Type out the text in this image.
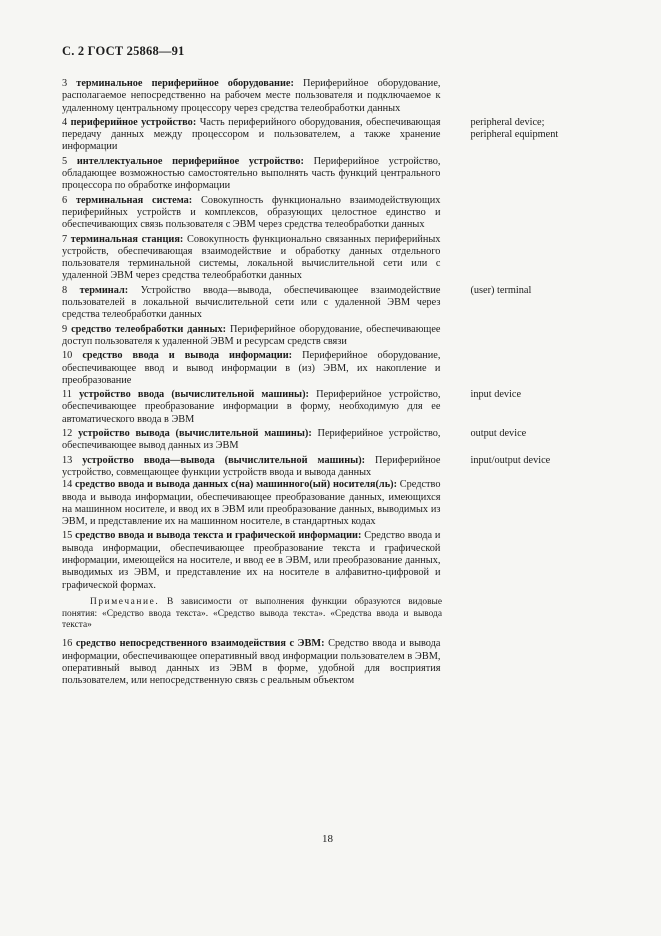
С. 2 ГОСТ 25868—91
3 терминальное периферийное оборудование: Периферийное оборудование, располагаемое непосредственно на рабочем месте пользователя и подключаемое к удаленному центральному процессору через средства телеобработки данных
4 периферийное устройство: Часть периферийного оборудования, обеспечивающая передачу данных между процессором и пользователем, а также хранение информации
peripheral device; peripheral equipment
5 интеллектуальное периферийное устройство: Периферийное устройство, обладающее возможностью самостоятельно выполнять часть функций центрального процессора по обработке информации
6 терминальная система: Совокупность функционально взаимодействующих периферийных устройств и комплексов, образующих целостное единство и обеспечивающих связь пользователя с ЭВМ через средства телеобработки данных
7 терминальная станция: Совокупность функционально связанных периферийных устройств, обеспечивающая взаимодействие и обработку данных отдельного пользователя терминальной системы, локальной вычислительной сети или с удаленной ЭВМ через средства телеобработки данных
8 терминал: Устройство ввода—вывода, обеспечивающее взаимодействие пользователей в локальной вычислительной сети или с удаленной ЭВМ через средства телеобработки данных
(user) terminal
9 средство телеобработки данных: Периферийное оборудование, обеспечивающее доступ пользователя к удаленной ЭВМ и ресурсам средств связи
10 средство ввода и вывода информации: Периферийное оборудование, обеспечивающее ввод и вывод информации в (из) ЭВМ, их накопление и преобразование
11 устройство ввода (вычислительной машины): Периферийное устройство, обеспечивающее преобразование информации в форму, необходимую для ее автоматического ввода в ЭВМ
input device
12 устройство вывода (вычислительной машины): Периферийное устройство, обеспечивающее вывод данных из ЭВМ
output device
13 устройство ввода—вывода (вычислительной машины): Периферийное устройство, совмещающее функции устройств ввода и вывода данных
input/output device
14 средство ввода и вывода данных с(на) машинного(ый) носителя(ль): Средство ввода и вывода информации, обеспечивающее преобразование данных, имеющихся на машинном носителе, и ввод их в ЭВМ или преобразование данных, выводимых из ЭВМ, и представление их на машинном носителе, в стандартных кодах
15 средство ввода и вывода текста и графической информации: Средство ввода и вывода информации, обеспечивающее преобразование текста и графической информации, имеющейся на носителе, и ввод ее в ЭВМ, или преобразование данных, выводимых из ЭВМ, и представление их на носителе в алфавитно-цифровой и графической формах.
Примечание. В зависимости от выполнения функции образуются видовые понятия: «Средство ввода текста». «Средство вывода текста». «Средства ввода и вывода текста»
16 средство непосредственного взаимодействия с ЭВМ: Средство ввода и вывода информации, обеспечивающее оперативный ввод информации пользователем в ЭВМ, оперативный вывод данных из ЭВМ в форме, удобной для восприятия пользователем, или непосредственную связь с реальным объектом
18
